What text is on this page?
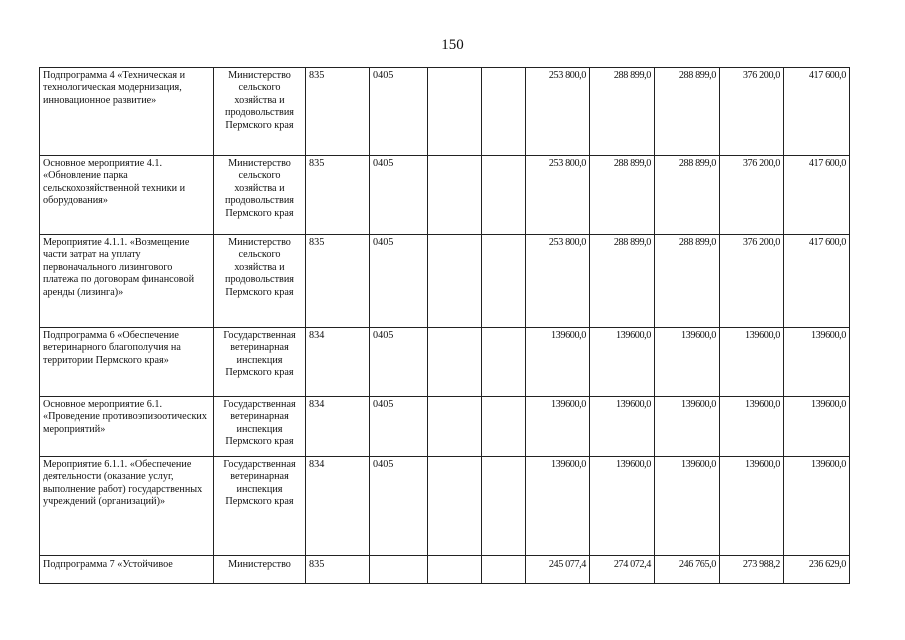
150
Подпрограмма 4 «Техническая и технологическая модернизация, инновационное развитие»	Министерство сельского хозяйства и продовольствия Пермского края	835	0405			253 800,0	288 899,0	288 899,0	376 200,0	417 600,0
Основное мероприятие 4.1. «Обновление парка сельскохозяйственной техники и оборудования»	Министерство сельского хозяйства и продовольствия Пермского края	835	0405			253 800,0	288 899,0	288 899,0	376 200,0	417 600,0
Мероприятие 4.1.1. «Возмещение части затрат на уплату первоначального лизингового платежа по договорам финансовой аренды (лизинга)»	Министерство сельского хозяйства и продовольствия Пермского края	835	0405			253 800,0	288 899,0	288 899,0	376 200,0	417 600,0
Подпрограмма 6 «Обеспечение ветеринарного благополучия на территории Пермского края»	Государственная ветеринарная инспекция Пермского края	834	0405			139600,0	139600,0	139600,0	139600,0	139600,0
Основное мероприятие 6.1. «Проведение противоэпизоотических мероприятий»	Государственная ветеринарная инспекция Пермского края	834	0405			139600,0	139600,0	139600,0	139600,0	139600,0
Мероприятие 6.1.1. «Обеспечение деятельности (оказание услуг, выполнение работ) государственных учреждений (организаций)»	Государственная ветеринарная инспекция Пермского края	834	0405			139600,0	139600,0	139600,0	139600,0	139600,0
Подпрограмма 7 «Устойчивое	Министерство	835				245 077,4	274 072,4	246 765,0	273 988,2	236 629,0
